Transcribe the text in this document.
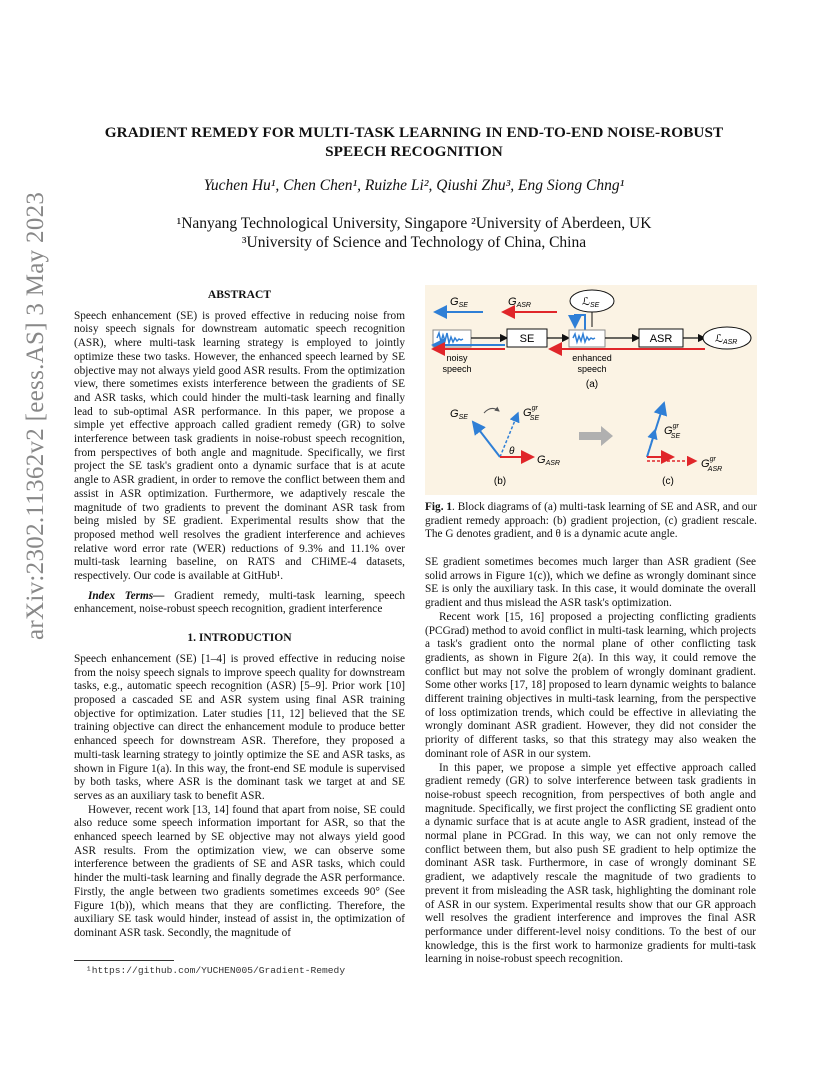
arXiv:2302.11362v2 [eess.AS] 3 May 2023
GRADIENT REMEDY FOR MULTI-TASK LEARNING IN END-TO-END NOISE-ROBUST
SPEECH RECOGNITION
Yuchen Hu¹, Chen Chen¹, Ruizhe Li², Qiushi Zhu³, Eng Siong Chng¹
¹Nanyang Technological University, Singapore ²University of Aberdeen, UK
³University of Science and Technology of China, China

ABSTRACT

Speech enhancement (SE) is proved effective in reducing noise from noisy speech signals for downstream automatic speech recognition (ASR), where multi-task learning strategy is employed to jointly optimize these two tasks. However, the enhanced speech learned by SE objective may not always yield good ASR results. From the optimization view, there sometimes exists interference between the gradients of SE and ASR tasks, which could hinder the multi-task learning and finally lead to sub-optimal ASR performance. In this paper, we propose a simple yet effective approach called gradient remedy (GR) to solve interference between task gradients in noise-robust speech recognition, from perspectives of both angle and magnitude. Specifically, we first project the SE task's gradient onto a dynamic surface that is at acute angle to ASR gradient, in order to remove the conflict between them and assist in ASR optimization. Furthermore, we adaptively rescale the magnitude of two gradients to prevent the dominant ASR task from being misled by SE gradient. Experimental results show that the proposed method well resolves the gradient interference and achieves relative word error rate (WER) reductions of 9.3% and 11.1% over multi-task learning baseline, on RATS and CHiME-4 datasets, respectively. Our code is available at GitHub¹.

Index Terms— Gradient remedy, multi-task learning, speech enhancement, noise-robust speech recognition, gradient interference

1. INTRODUCTION

Speech enhancement (SE) [1–4] is proved effective in reducing noise from the noisy speech signals to improve speech quality for downstream tasks, e.g., automatic speech recognition (ASR) [5–9]. Prior work [10] proposed a cascaded SE and ASR system using final ASR training objective for optimization. Later studies [11, 12] believed that the SE training objective can direct the enhancement module to produce better enhanced speech for downstream ASR. Therefore, they proposed a multi-task learning strategy to jointly optimize the SE and ASR tasks, as shown in Figure 1(a). In this way, the front-end SE module is supervised by both tasks, where ASR is the dominant task we target at and SE serves as an auxiliary task to benefit ASR.

However, recent work [13, 14] found that apart from noise, SE could also reduce some speech information important for ASR, so that the enhanced speech learned by SE objective may not always yield good ASR results. From the optimization view, we can observe some interference between the gradients of SE and ASR tasks, which could hinder the multi-task learning and finally degrade the ASR performance. Firstly, the angle between two gradients sometimes exceeds 90° (See Figure 1(b)), which means that they are conflicting. Therefore, the auxiliary SE task would hinder, instead of assist in, the optimization of dominant ASR task. Secondly, the magnitude of

¹https://github.com/YUCHEN005/Gradient-Remedy
GSE	GASR	ℒSE
SE	ASR	ℒASR
noisy
speech
enhanced
speech
(a)
GSE	$G^{gr}$ SE
θ
GASR
(b)
$G^{gr}$ SE
$G^{gr}$ ASR
(c)
Fig. 1. Block diagrams of (a) multi-task learning of SE and ASR, and our gradient remedy approach: (b) gradient projection, (c) gradient rescale. The G denotes gradient, and θ is a dynamic acute angle.

SE gradient sometimes becomes much larger than ASR gradient (See solid arrows in Figure 1(c)), which we define as wrongly dominant since SE is only the auxiliary task. In this case, it would dominate the overall gradient and thus mislead the ASR task's optimization.

Recent work [15, 16] proposed a projecting conflicting gradients (PCGrad) method to avoid conflict in multi-task learning, which projects a task's gradient onto the normal plane of other conflicting task gradients, as shown in Figure 2(a). In this way, it could remove the conflict but may not solve the problem of wrongly dominant gradient. Some other works [17, 18] proposed to learn dynamic weights to balance different training objectives in multi-task learning, from the perspective of loss optimization trends, which could be effective in alleviating the wrongly dominant ASR gradient. However, they did not consider the priority of different tasks, so that this strategy may also weaken the dominant role of ASR in our system.

In this paper, we propose a simple yet effective approach called gradient remedy (GR) to solve interference between task gradients in noise-robust speech recognition, from perspectives of both angle and magnitude. Specifically, we first project the conflicting SE gradient onto a dynamic surface that is at acute angle to ASR gradient, instead of the normal plane in PCGrad. In this way, we can not only remove the conflict between them, but also push SE gradient to help optimize the dominant ASR task. Furthermore, in case of wrongly dominant SE gradient, we adaptively rescale the magnitude of two gradients to prevent it from misleading the ASR task, highlighting the dominant role of ASR in our system. Experimental results show that our GR approach well resolves the gradient interference and improves the final ASR performance under different-level noisy conditions. To the best of our knowledge, this is the first work to harmonize gradients for multi-task learning in noise-robust speech recognition.
